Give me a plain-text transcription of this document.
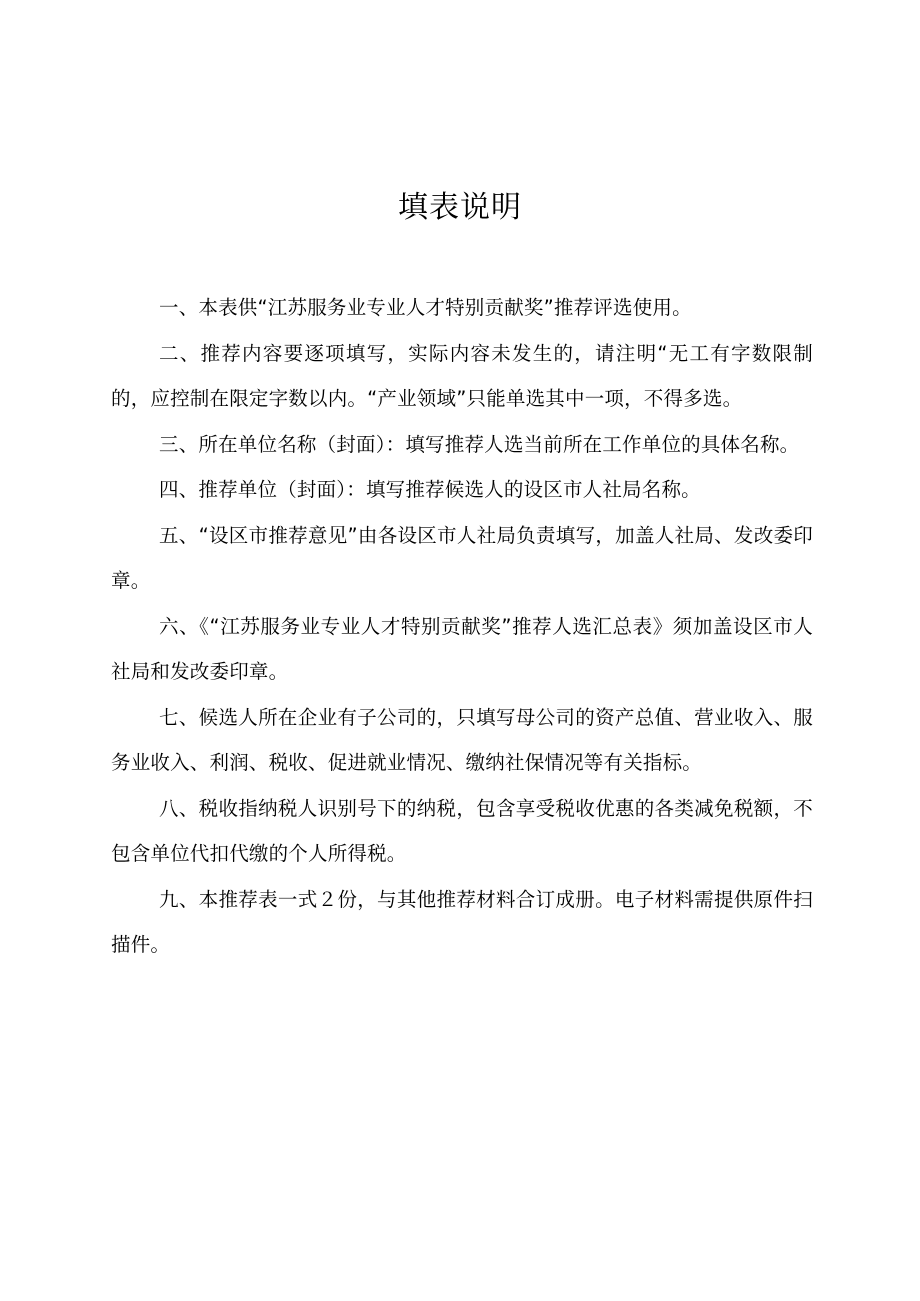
填表说明

一、本表供“江苏服务业专业人才特别贡献奖”推荐评选使用。

二、推荐内容要逐项填写，实际内容未发生的，请注明“无工有字数限制的，应控制在限定字数以内。“产业领域”只能单选其中一项，不得多选。

三、所在单位名称（封面）：填写推荐人选当前所在工作单位的具体名称。

四、推荐单位（封面）：填写推荐候选人的设区市人社局名称。

五、“设区市推荐意见”由各设区市人社局负责填写，加盖人社局、发改委印章。

六、《“江苏服务业专业人才特别贡献奖”推荐人选汇总表》须加盖设区市人社局和发改委印章。

七、候选人所在企业有子公司的，只填写母公司的资产总值、营业收入、服务业收入、利润、税收、促进就业情况、缴纳社保情况等有关指标。

八、税收指纳税人识别号下的纳税，包含享受税收优惠的各类减免税额，不包含单位代扣代缴的个人所得税。

九、本推荐表一式２份，与其他推荐材料合订成册。电子材料需提供原件扫描件。
